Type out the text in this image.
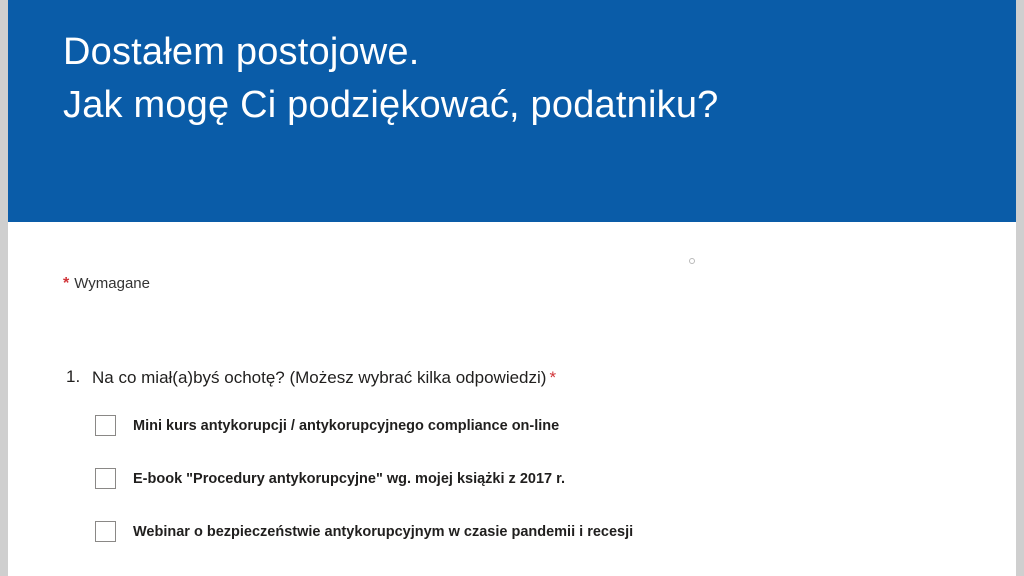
Dostałem postojowe.
Jak mogę Ci podziękować, podatniku?
* Wymagane
1. Na co miał(a)byś ochotę? (Możesz wybrać kilka odpowiedzi) *
Mini kurs antykorupcji / antykorupcyjnego compliance on-line
E-book "Procedury antykorupcyjne" wg. mojej książki z 2017 r.
Webinar o bezpieczeństwie antykorupcyjnym w czasie pandemii i recesji
